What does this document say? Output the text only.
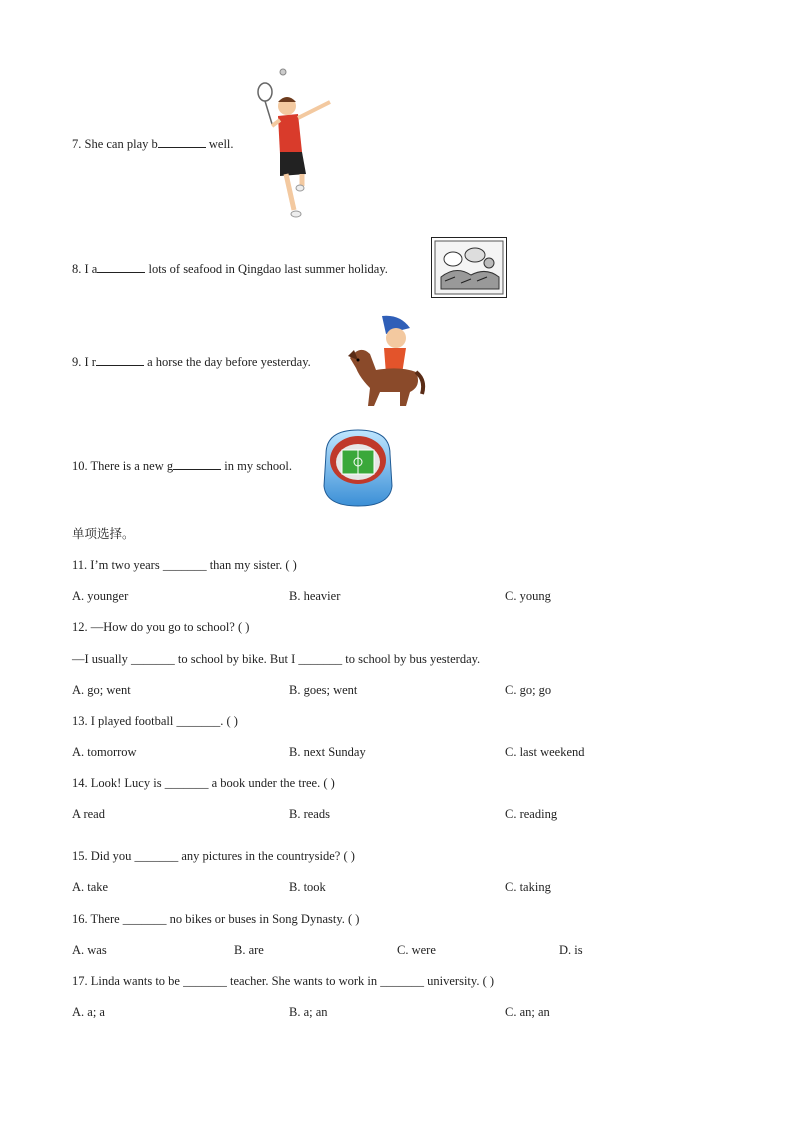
7. She can play b	well.
8. I a	lots of seafood in Qingdao last summer holiday.
9. I r	a horse the day before yesterday.
10. There is a new g	in my school.
单项选择。
11. I’m two years _______ than my sister. ( )
A. younger	B. heavier	C. young
12. —How do you go to school? ( )
—I usually _______ to school by bike. But I _______ to school by bus yesterday.
A. go; went	B. goes; went	C. go; go
13. I played football _______. ( )
A. tomorrow	B. next Sunday	C. last weekend
14. Look! Lucy is _______ a book under the tree. ( )
A read	B. reads	C. reading
15. Did you _______ any pictures in the countryside? ( )
A. take	B. took	C. taking
16. There _______ no bikes or buses in Song Dynasty. ( )
A. was	B. are	C. were	D. is
17. Linda wants to be _______ teacher. She wants to work in _______ university. ( )
A. a; a	B. a; an	C. an; an
